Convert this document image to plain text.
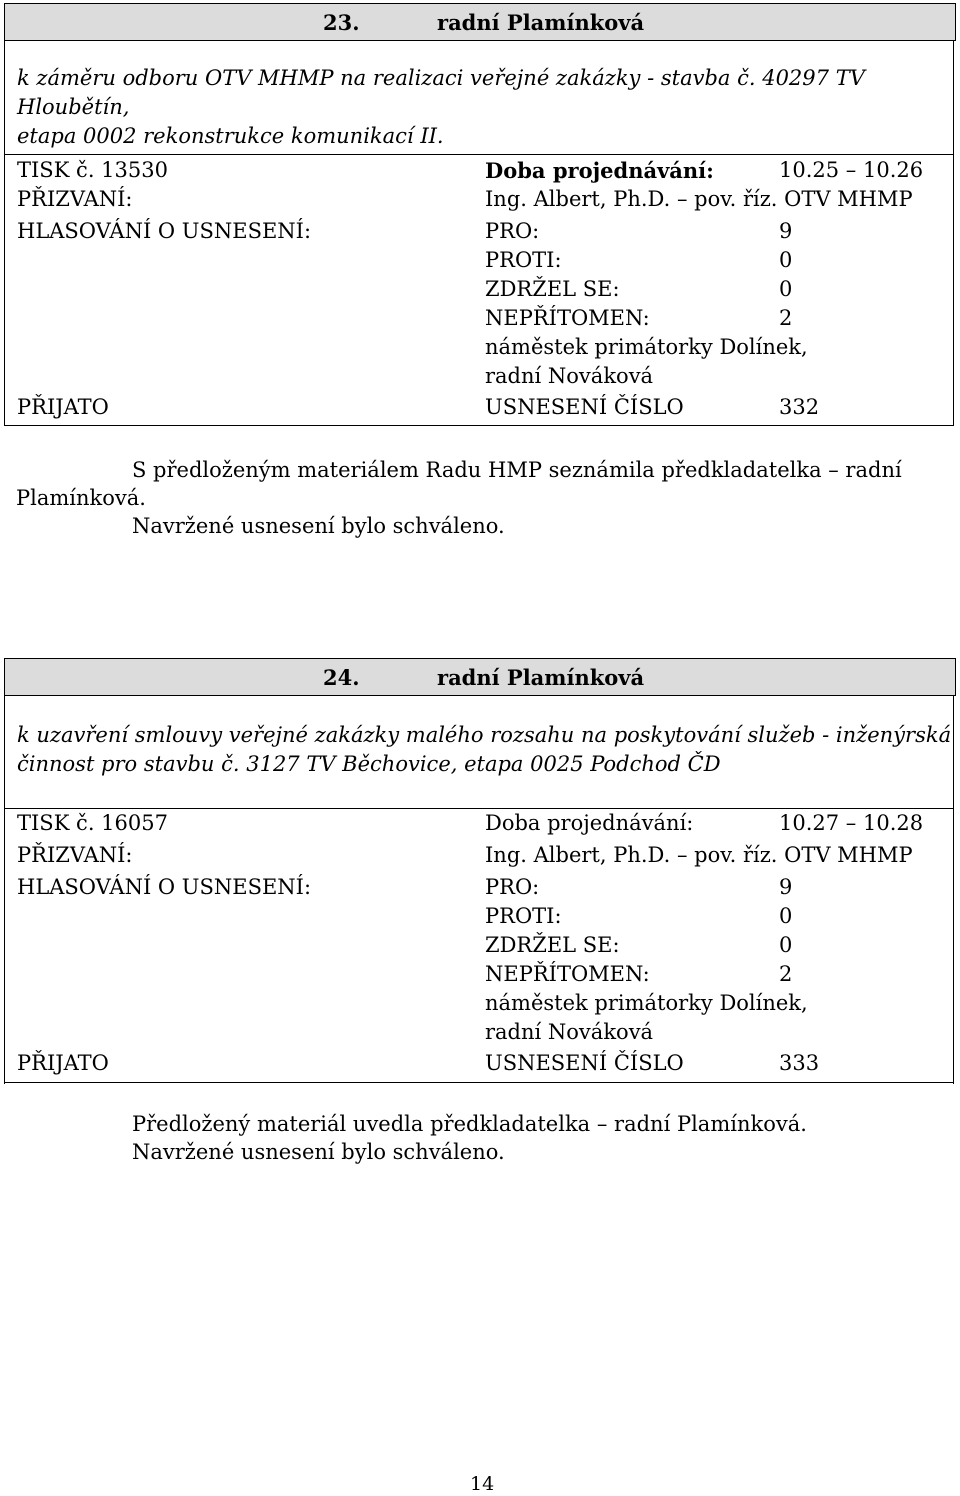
23.	radní Plamínková
k záměru odboru OTV MHMP na realizaci veřejné zakázky - stavba č. 40297 TV Hloubětín,
etapa 0002 rekonstrukce komunikací II.
TISK č. 13530	Doba projednávání:	10.25 – 10.26
PŘIZVANÍ:	Ing. Albert, Ph.D. – pov. říz. OTV MHMP
HLASOVÁNÍ O USNESENÍ:	PRO:	9
PROTI:	0
ZDRŽEL SE:	0
NEPŘÍTOMEN:	2
náměstek primátorky Dolínek,
radní Nováková
PŘIJATO	USNESENÍ ČÍSLO	332
S předloženým materiálem Radu HMP seznámila předkladatelka – radní
Plamínková.
Navržené usnesení bylo schváleno.
24.	radní Plamínková
k uzavření smlouvy veřejné zakázky malého rozsahu na poskytování služeb - inženýrská
činnost pro stavbu č. 3127 TV Běchovice, etapa 0025 Podchod ČD
TISK č. 16057	Doba projednávání:	10.27 – 10.28
PŘIZVANÍ:	Ing. Albert, Ph.D. – pov. říz. OTV MHMP
HLASOVÁNÍ O USNESENÍ:	PRO:	9
PROTI:	0
ZDRŽEL SE:	0
NEPŘÍTOMEN:	2
náměstek primátorky Dolínek,
radní Nováková
PŘIJATO	USNESENÍ ČÍSLO	333
Předložený materiál uvedla předkladatelka – radní Plamínková.
Navržené usnesení bylo schváleno.
14
